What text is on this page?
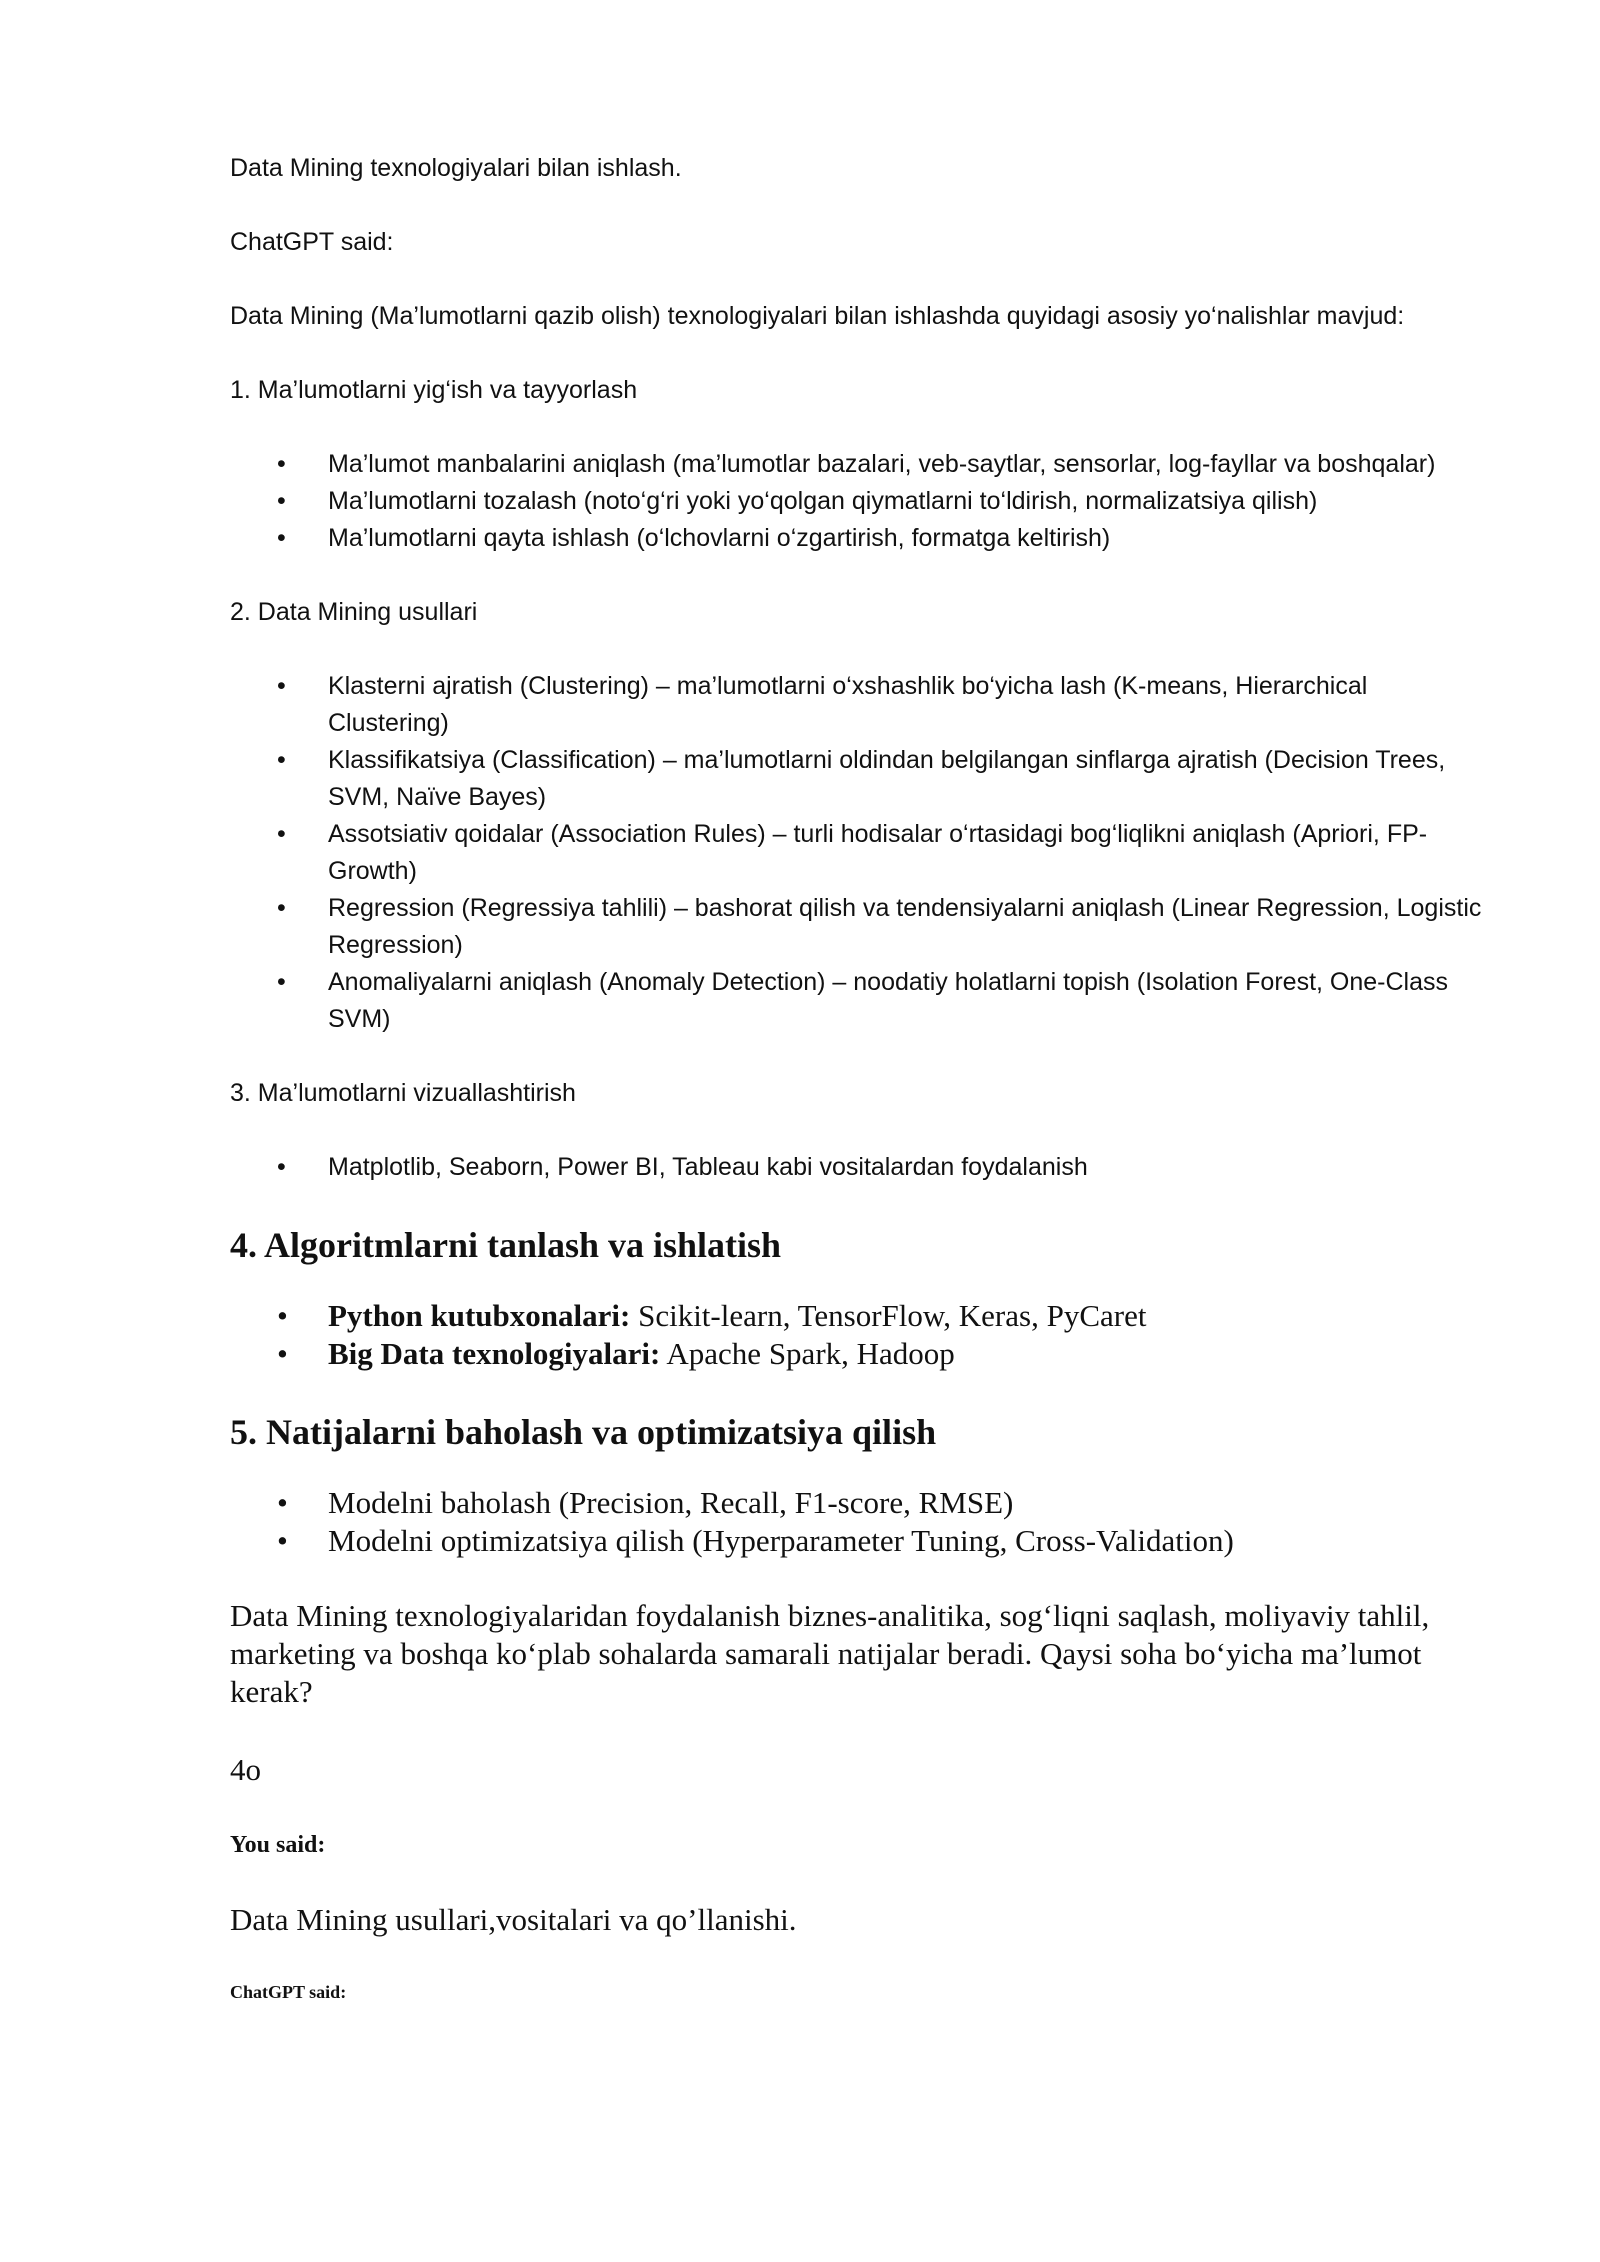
Data Mining texnologiyalari bilan ishlash.

ChatGPT said:

Data Mining (Ma’lumotlarni qazib olish) texnologiyalari bilan ishlashda quyidagi asosiy yo‘nalishlar mavjud:

1. Ma’lumotlarni yig‘ish va tayyorlash

• Ma’lumot manbalarini aniqlash (ma’lumotlar bazalari, veb-saytlar, sensorlar, log-fayllar va boshqalar)
• Ma’lumotlarni tozalash (noto‘g‘ri yoki yo‘qolgan qiymatlarni to‘ldirish, normalizatsiya qilish)
• Ma’lumotlarni qayta ishlash (o‘lchovlarni o‘zgartirish, formatga keltirish)

2. Data Mining usullari

• Klasterni ajratish (Clustering) – ma’lumotlarni o‘xshashlik bo‘yicha lash (K-means, Hierarchical Clustering)
• Klassifikatsiya (Classification) – ma’lumotlarni oldindan belgilangan sinflarga ajratish (Decision Trees, SVM, Naïve Bayes)
• Assotsiativ qoidalar (Association Rules) – turli hodisalar o‘rtasidagi bog‘liqlikni aniqlash (Apriori, FP-Growth)
• Regression (Regressiya tahlili) – bashorat qilish va tendensiyalarni aniqlash (Linear Regression, Logistic Regression)
• Anomaliyalarni aniqlash (Anomaly Detection) – noodatiy holatlarni topish (Isolation Forest, One-Class SVM)

3. Ma’lumotlarni vizuallashtirish

• Matplotlib, Seaborn, Power BI, Tableau kabi vositalardan foydalanish
4. Algoritmlarni tanlash va ishlatish
• Python kutubxonalari: Scikit-learn, TensorFlow, Keras, PyCaret
• Big Data texnologiyalari: Apache Spark, Hadoop
5. Natijalarni baholash va optimizatsiya qilish
• Modelni baholash (Precision, Recall, F1-score, RMSE)
• Modelni optimizatsiya qilish (Hyperparameter Tuning, Cross-Validation)

Data Mining texnologiyalaridan foydalanish biznes-analitika, sog‘liqni saqlash, moliyaviy tahlil, marketing va boshqa ko‘plab sohalarda samarali natijalar beradi. Qaysi soha bo‘yicha ma’lumot kerak?

4o

You said:

Data Mining usullari,vositalari va qo’llanishi.

ChatGPT said:
